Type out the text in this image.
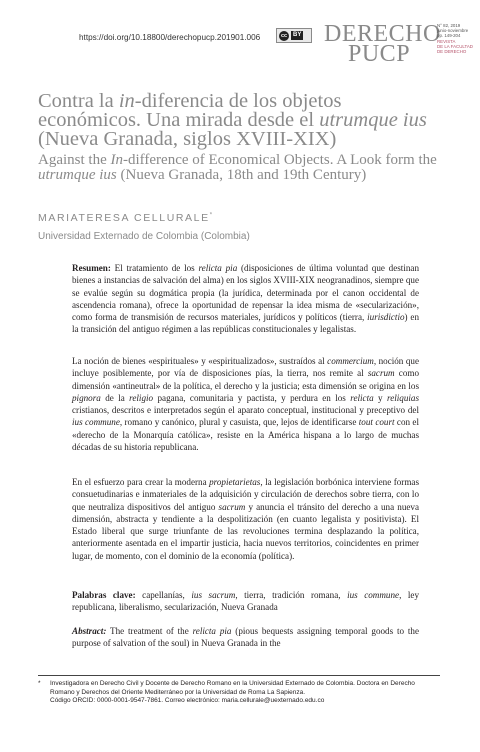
https://doi.org/10.18800/derechopucp.201901.006	cc BY DERECHO
PUCP
N° 82, 2019
junio-noviembre
pp. 149-204
REVISTA
DE LA FACULTAD
DE DERECHO
Contra la in-diferencia de los objetos económicos. Una mirada desde el utrumque ius (Nueva Granada, siglos XVIII-XIX)
Against the In-difference of Economical Objects. A Look form the utrumque ius (Nueva Granada, 18th and 19th Century)
MARIATERESA CELLURALE*
Universidad Externado de Colombia (Colombia)

Resumen: El tratamiento de los relicta pia (disposiciones de última voluntad que destinan bienes a instancias de salvación del alma) en los siglos XVIII-XIX neogranadinos, siempre que se evalúe según su dogmática propia (la jurídica, determinada por el canon occidental de ascendencia romana), ofrece la oportunidad de repensar la idea misma de «secularización», como forma de transmisión de recursos materiales, jurídicos y políticos (tierra, iurisdictio) en la transición del antiguo régimen a las repúblicas constitucionales y legalistas.

La noción de bienes «espirituales» y «espiritualizados», sustraídos al commercium, noción que incluye posiblemente, por vía de disposiciones pías, la tierra, nos remite al sacrum como dimensión «antineutral» de la política, el derecho y la justicia; esta dimensión se origina en los pignora de la religio pagana, comunitaria y pactista, y perdura en los relicta y reliquias cristianos, descritos e interpretados según el aparato conceptual, institucional y preceptivo del ius commune, romano y canónico, plural y casuista, que, lejos de identificarse tout court con el «derecho de la Monarquía católica», resiste en la América hispana a lo largo de muchas décadas de su historia republicana.

En el esfuerzo para crear la moderna propietarietas, la legislación borbónica interviene formas consuetudinarias e inmateriales de la adquisición y circulación de derechos sobre tierra, con lo que neutraliza dispositivos del antiguo sacrum y anuncia el tránsito del derecho a una nueva dimensión, abstracta y tendiente a la despolitización (en cuanto legalista y positivista). El Estado liberal que surge triunfante de las revoluciones termina desplazando la política, anteriormente asentada en el impartir justicia, hacia nuevos territorios, coincidentes en primer lugar, de momento, con el dominio de la economía (política).

Palabras clave: capellanías, ius sacrum, tierra, tradición romana, ius commune, ley republicana, liberalismo, secularización, Nueva Granada

Abstract: The treatment of the relicta pia (pious bequests assigning temporal goods to the purpose of salvation of the soul) in Nueva Granada in the

*	Investigadora en Derecho Civil y Docente de Derecho Romano en la Universidad Externado de Colombia. Doctora en Derecho Romano y Derechos del Oriente Mediterráneo por la Universidad de Roma La Sapienza.
Código ORCID: 0000-0001-9547-7861. Correo electrónico: maria.cellurale@uexternado.edu.co
